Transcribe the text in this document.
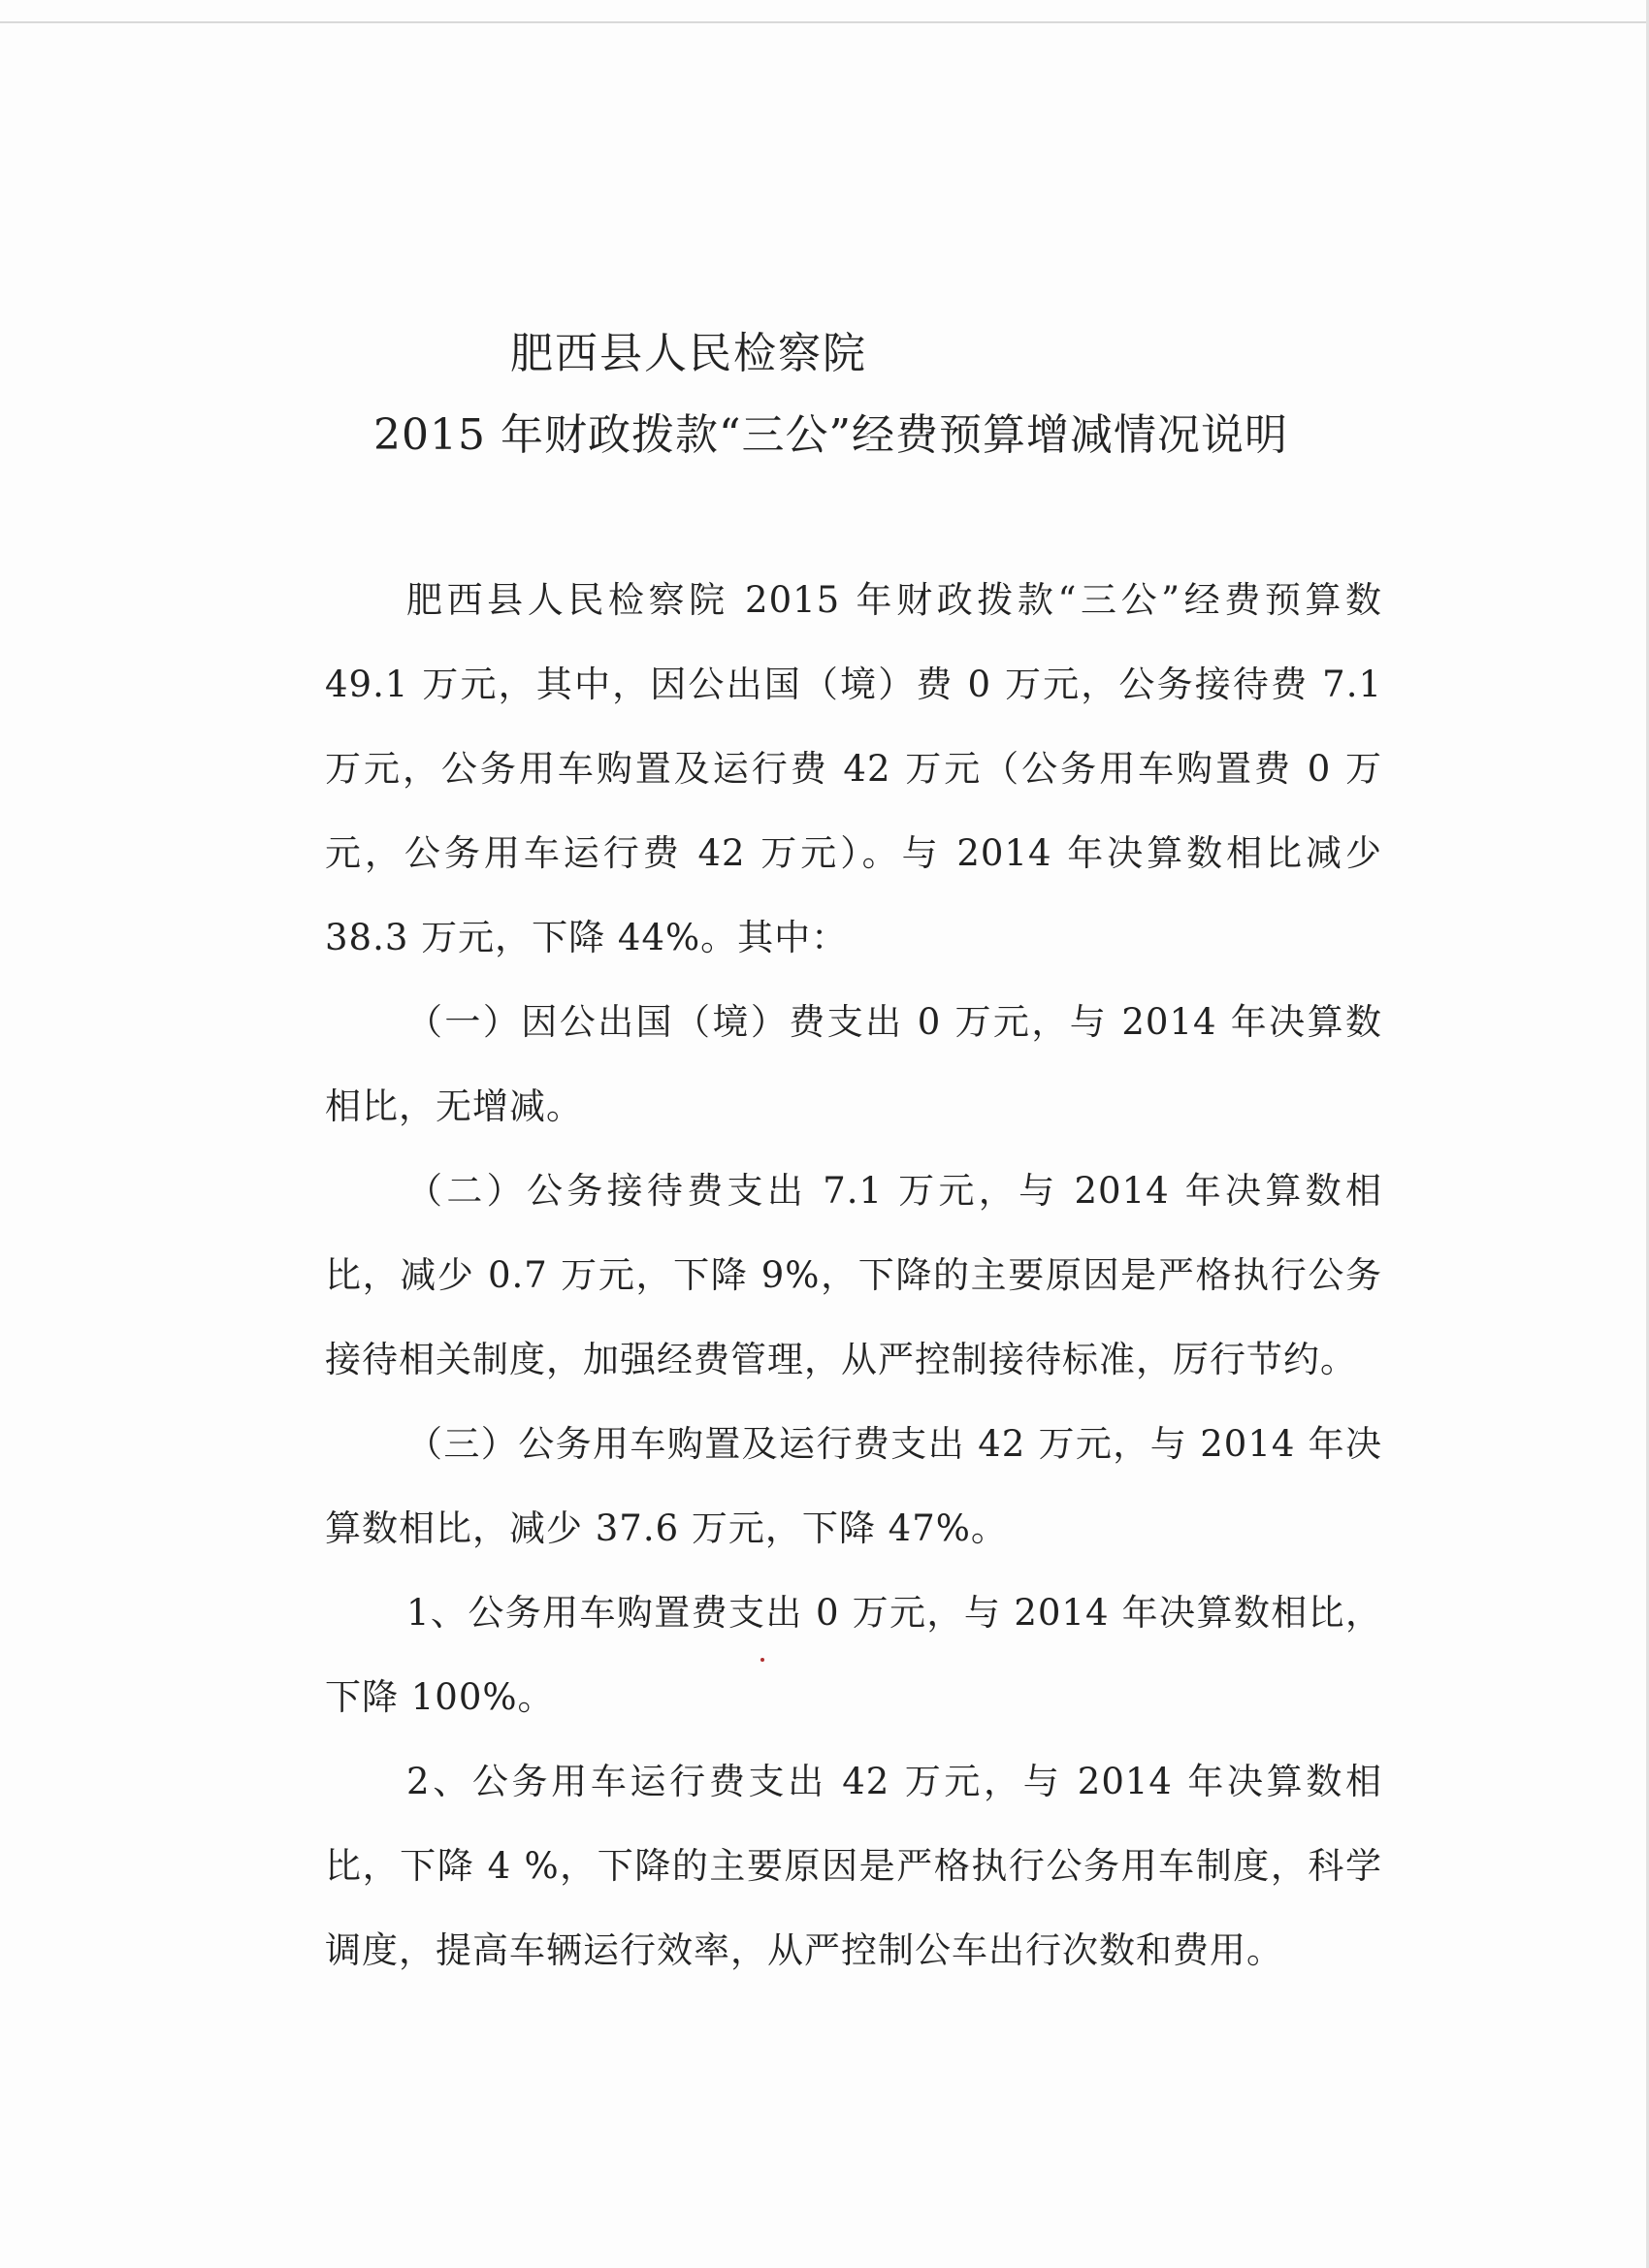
肥西县人民检察院
2015 年财政拨款“三公”经费预算增减情况说明

肥西县人民检察院 2015 年财政拨款“三公”经费预算数 49.1 万元，其中，因公出国（境）费 0 万元，公务接待费 7.1 万元，公务用车购置及运行费 42 万元（公务用车购置费 0 万元，公务用车运行费 42 万元）。与 2014 年决算数相比减少 38.3 万元，下降 44%。其中：

（一）因公出国（境）费支出 0 万元，与 2014 年决算数相比，无增减。

（二）公务接待费支出 7.1 万元，与 2014 年决算数相比，减少 0.7 万元，下降 9%，下降的主要原因是严格执行公务接待相关制度，加强经费管理，从严控制接待标准，厉行节约。

（三）公务用车购置及运行费支出 42 万元，与 2014 年决算数相比，减少 37.6 万元，下降 47%。

1、公务用车购置费支出 0 万元，与 2014 年决算数相比，下降 100%。

2、公务用车运行费支出 42 万元，与 2014 年决算数相比，下降 4 %，下降的主要原因是严格执行公务用车制度，科学调度，提高车辆运行效率，从严控制公车出行次数和费用。
